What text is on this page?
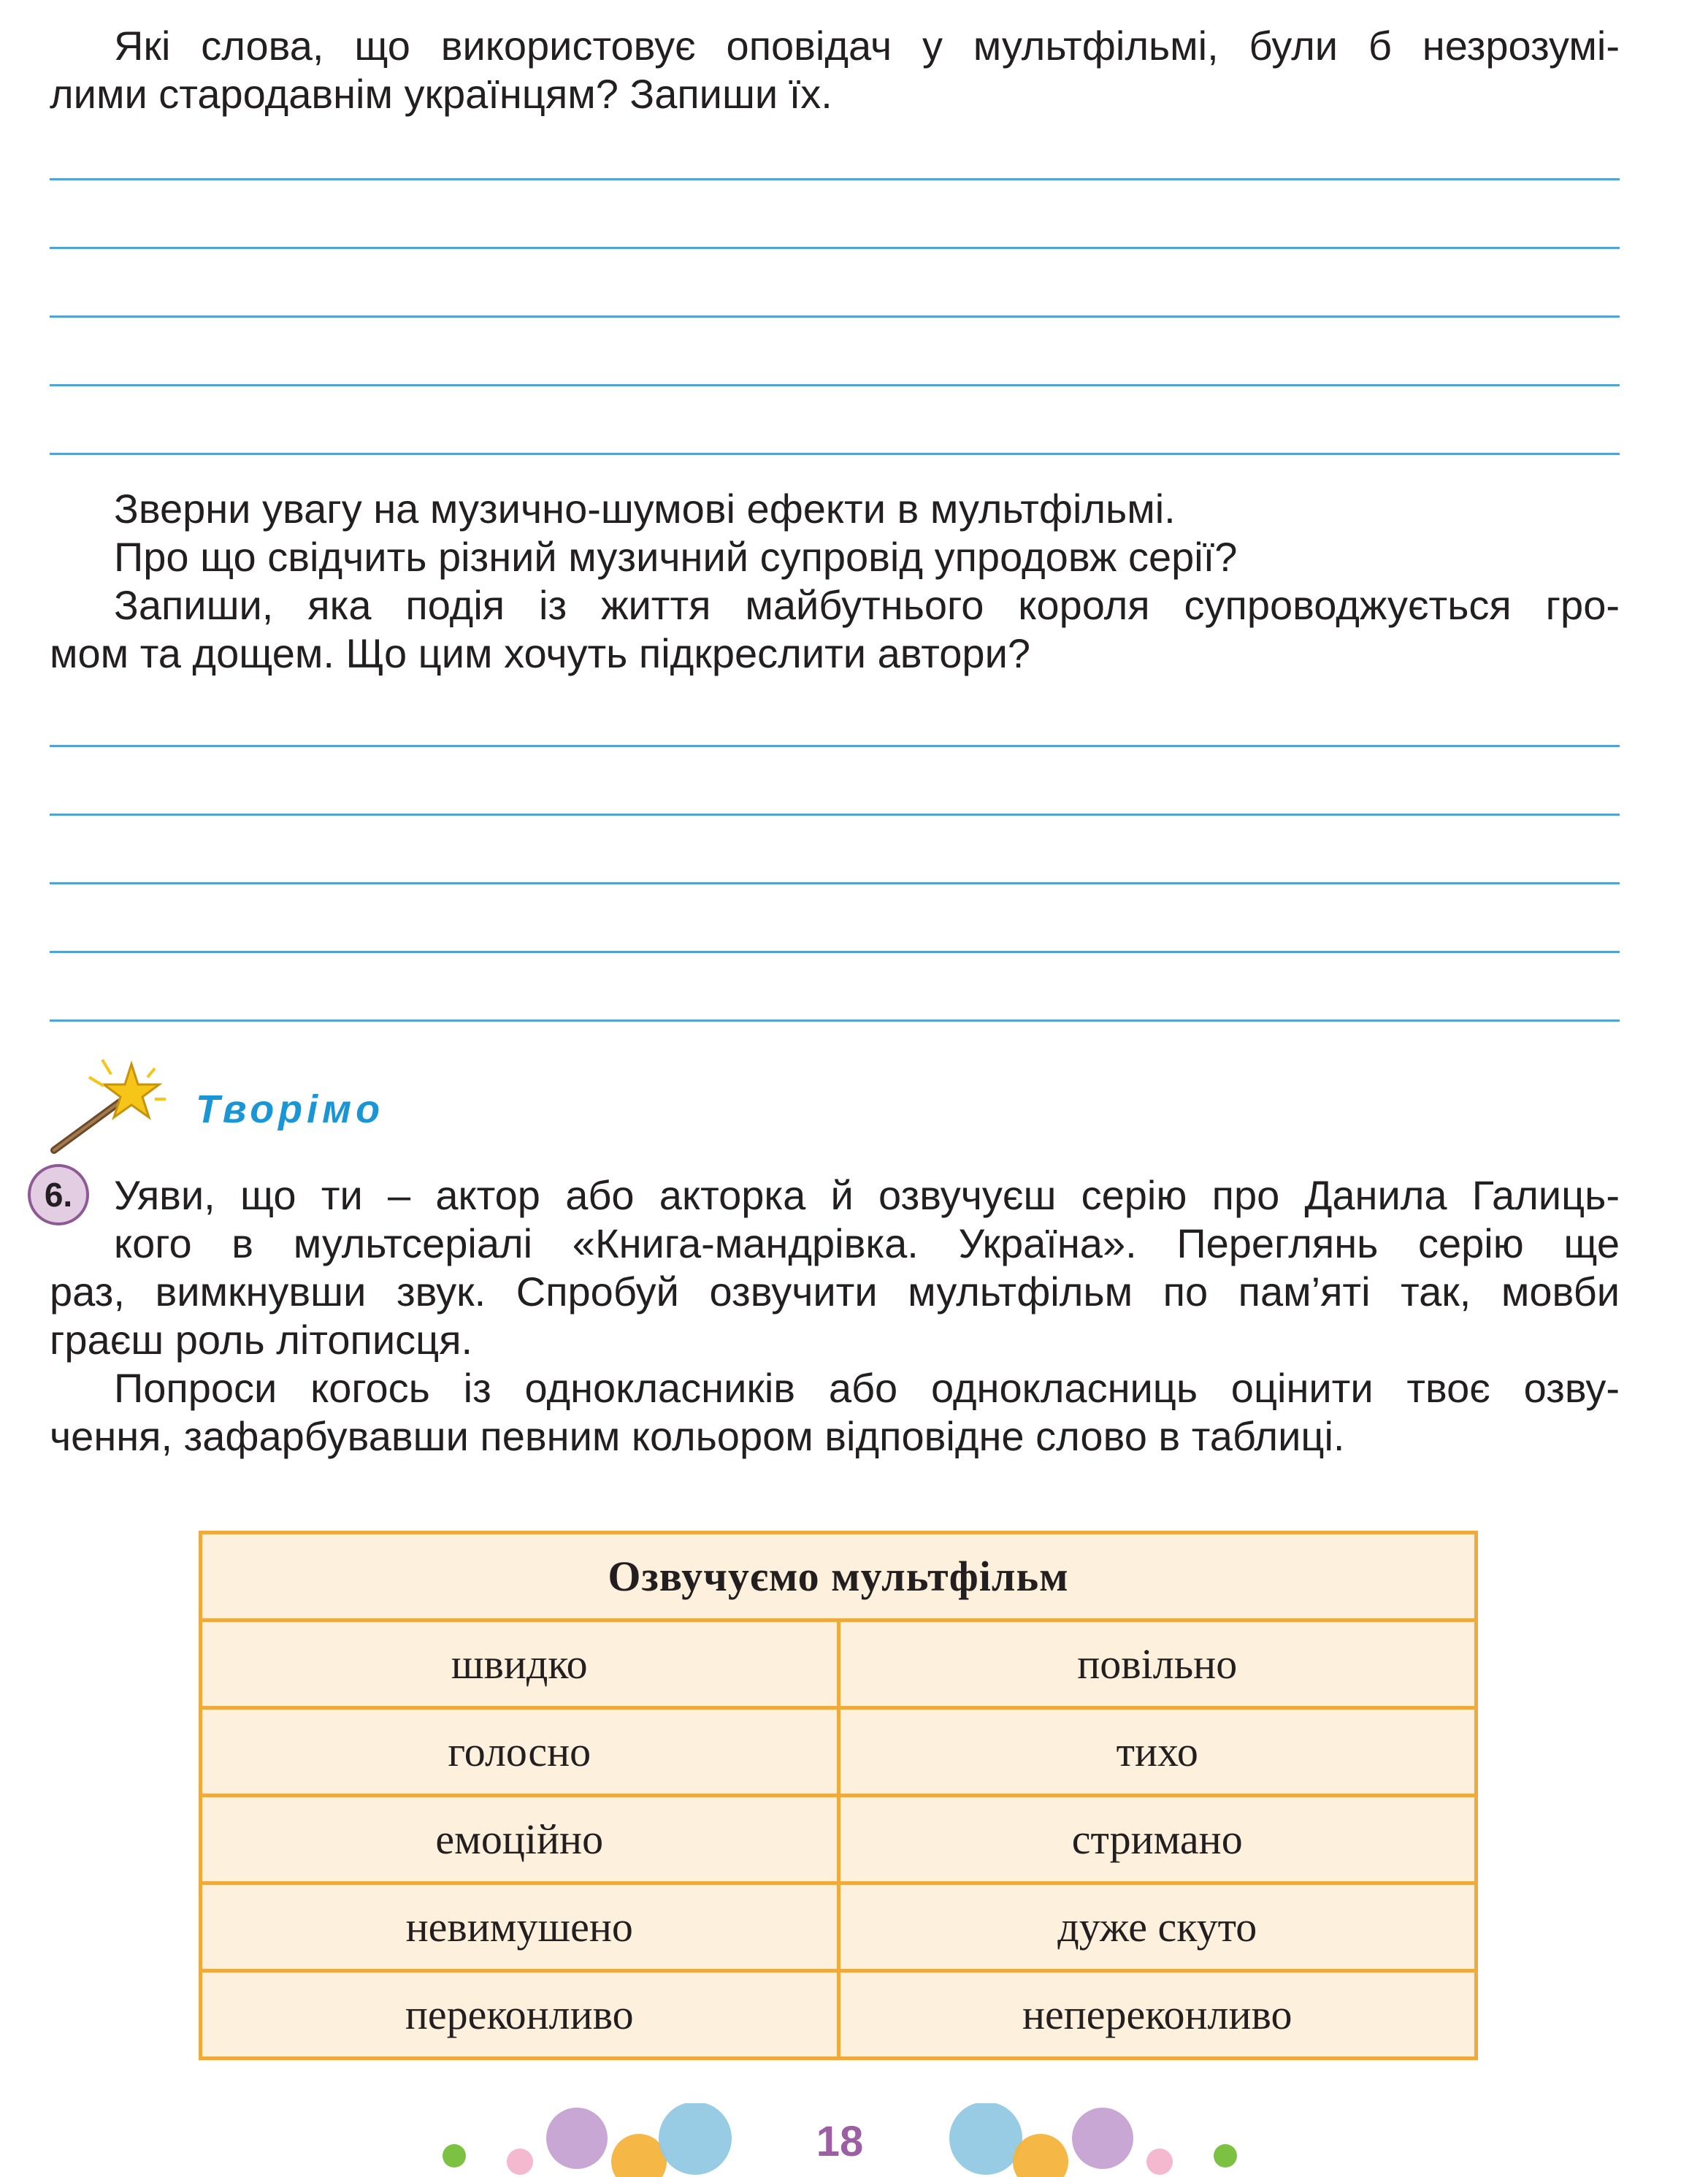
Які слова, що використовує оповідач у мультфільмі, були б незрозумі-
лими стародавнім українцям? Запиши їх.
Зверни увагу на музично-шумові ефекти в мультфільмі.
Про що свідчить різний музичний супровід упродовж серії?
Запиши, яка подія із життя майбутнього короля супроводжується гро-
мом та дощем. Що цим хочуть підкреслити автори?
Творімо
6.	Уяви, що ти – актор або акторка й озвучуєш серію про Данила Галиць-
кого в мультсеріалі «Книга-мандрівка. Україна». Переглянь серію ще
раз, вимкнувши звук. Спробуй озвучити мультфільм по пам’яті так, мовби
граєш роль літописця.
Попроси когось із однокласників або однокласниць оцінити твоє озву-
чення, зафарбувавши певним кольором відповідне слово в таблиці.
Озвучуємо мультфільм	
швидко	повільно
голосно	тихо
емоційно	стримано
невимушено	дуже скуто
переконливо	непереконливо
18
